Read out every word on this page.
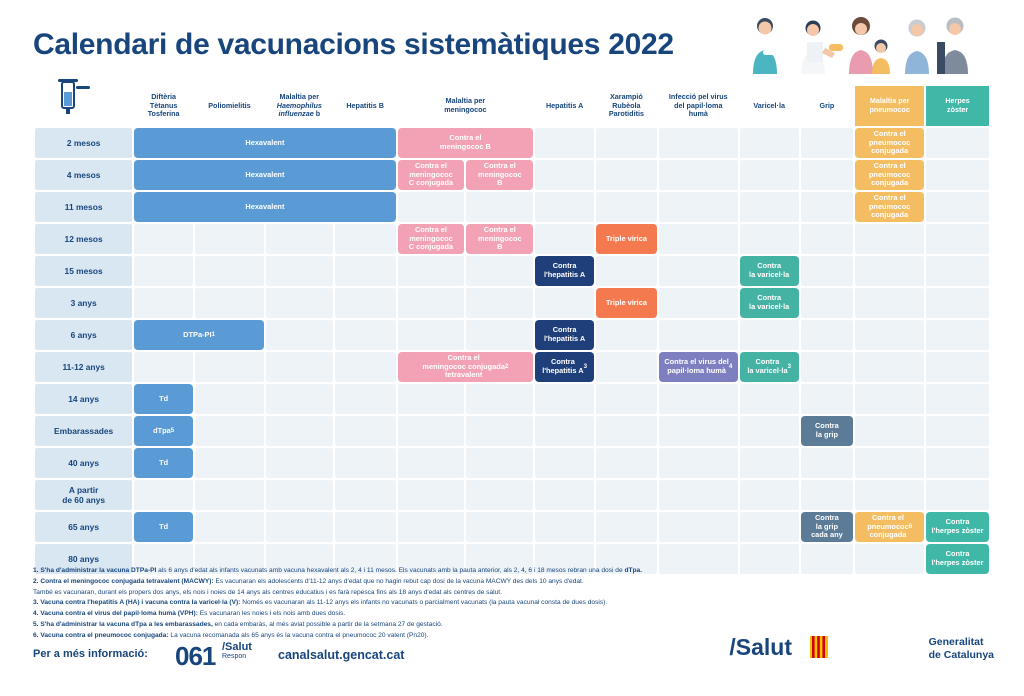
Calendari de vacunacions sistemàtiques 2022
	Diftèria
Tètanus
Tosferina	Poliomielitis	Malaltia per
Haemophilus
influenzae b	Hepatitis B	Malaltia per
meningococ		Hepatitis A	Xarampió
Rubèola
Parotiditis	Infecció pel virus
del papil·loma
humà	Varicel·la	Grip	Malaltia per
pneumococ	Herpes
zòster
2 mesos	Hexavalent				Contra el
meningococ B							Contra el
pneumococ
conjugada	

4 mesos	Hexavalent				Contra el
meningococ
C conjugada	Contra el
meningococ
B						Contra el
pneumococ
conjugada	

11 mesos	Hexavalent											Contra el
pneumococ
conjugada	

12 mesos					Contra el
meningococ
C conjugada	Contra el
meningococ
B		Triple vírica					

15 mesos							Contra
l'hepatitis A			Contra
la varicel·la			

3 anys								Triple vírica		Contra
la varicel·la			

6 anys	DTPa-PI 1						Contra
l'hepatitis A						

11-12 anys					Contra el
meningococ conjugada
tetravalent
2		Contra
l'hepatitis A 3		Contra el virus del
papil·loma humà 4	Contra
la varicel·la 3			

14 anys	Td												

Embarassades	dTpa 5										Contra
la grip		

40 anys	Td												

A partir
de 60 anys													
65 anys	Td										Contra
la grip
cada any	Contra el
pneumococ
conjugada
6	Contra
l'herpes zòster

80 anys													Contra
l'herpes zòster

1. S'ha d'administrar la vacuna DTPa-PI als 6 anys d'edat als infants vacunats amb vacuna hexavalent als 2, 4 i 11 mesos. Els vacunats amb la pauta anterior, als 2, 4, 6 i 18 mesos rebran una dosi de dTpa.

2. Contra el meningococ conjugada tetravalent (MACWY): Es vacunaran els adolescents d'11-12 anys d'edat que no hagin rebut cap dosi de la vacuna MACWY des dels 10 anys d'edat.

També es vacunaran, durant els propers dos anys, els nois i noies de 14 anys als centres educatius i es farà repesca fins als 18 anys d'edat als centres de salut.

3. Vacuna contra l'hepatitis A (HA) i vacuna contra la varicel·la (V): Només es vacunaran als 11-12 anys els infants no vacunats o parcialment vacunats (la pauta vacunal consta de dues dosis).

4. Vacuna contra el virus del papil·loma humà (VPH): Es vacunaran les noies i els nois amb dues dosis.

5. S'ha d'administrar la vacuna dTpa a les embarassades, en cada embaràs, al més aviat possible a partir de la setmana 27 de gestació.

6. Vacuna contra el pneumococ conjugada: La vacuna recomanada als 65 anys és la vacuna contra el pneumococ 20 valent (Pn20).

Per a més informació: 061 /Salut
Respon	canalsalut.gencat.cat	/Salut	Generalitat
de Catalunya
